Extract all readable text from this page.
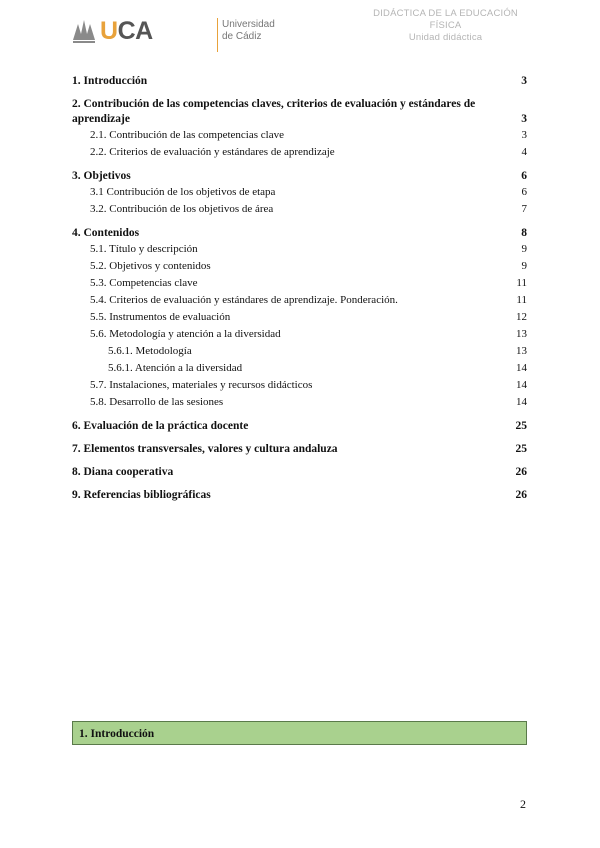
UCA	Universidad
de Cádiz
DIDÁCTICA DE LA EDUCACIÓN
FÍSICA
Unidad didáctica
1. Introducción	3
2. Contribución de las competencias claves, criterios de evaluación y estándares de aprendizaje	3
2.1. Contribución de las competencias clave	3
2.2. Criterios de evaluación y estándares de aprendizaje	4
3. Objetivos	6
3.1 Contribución de los objetivos de etapa	6
3.2. Contribución de los objetivos de área	7
4. Contenidos	8
5.1. Título y descripción	9
5.2. Objetivos y contenidos	9
5.3. Competencias clave	11
5.4. Criterios de evaluación y estándares de aprendizaje. Ponderación.	11
5.5. Instrumentos de evaluación	12
5.6. Metodología y atención a la diversidad	13
5.6.1. Metodología	13
5.6.1. Atención a la diversidad	14
5.7. Instalaciones, materiales y recursos didácticos	14
5.8. Desarrollo de las sesiones	14
6. Evaluación de la práctica docente	25
7. Elementos transversales, valores y cultura andaluza	25
8. Diana cooperativa	26
9. Referencias bibliográficas	26
1. Introducción
2
